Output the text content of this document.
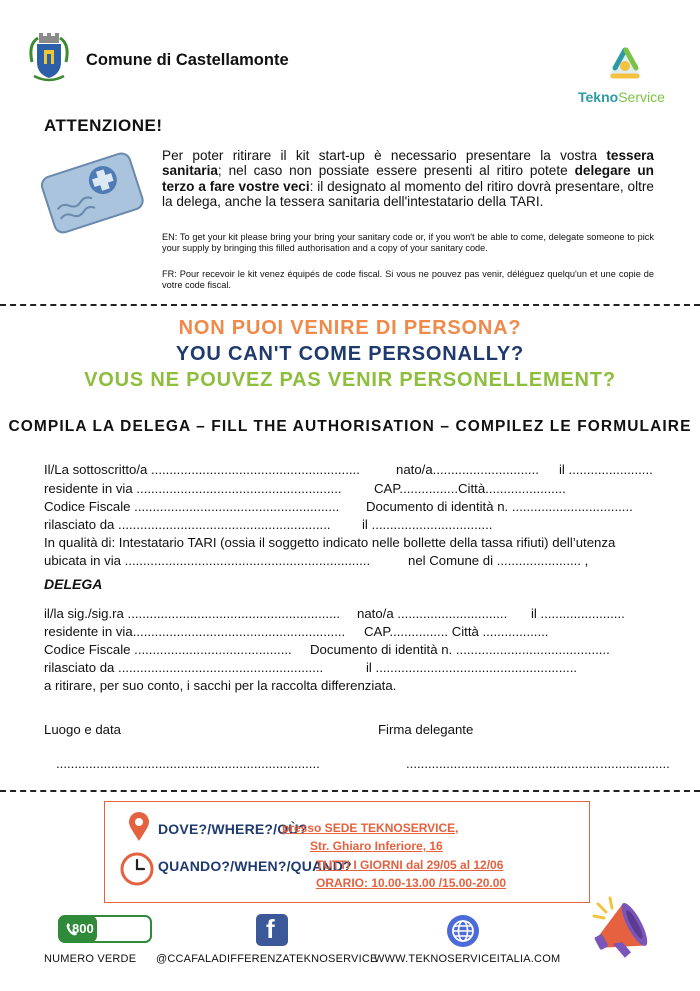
Comune di Castellamonte
TeknoService
ATTENZIONE!
Per poter ritirare il kit start-up è necessario presentare la vostra tessera sanitaria; nel caso non possiate essere presenti al ritiro potete delegare un terzo a fare vostre veci: il designato al momento del ritiro dovrà presentare, oltre la delega, anche la tessera sanitaria dell'intestatario della TARI.
EN: To get your kit please bring your bring your sanitary code or, if you won't be able to come, delegate someone to pick your supply by bringing this filled authorisation and a copy of your sanitary code.
FR: Pour recevoir le kit venez équipés de code fiscal. Si vous ne pouvez pas venir, déléguez quelqu'un et une copie de votre code fiscal.
NON PUOI VENIRE DI PERSONA?
YOU CAN'T COME PERSONALLY?
VOUS NE POUVEZ PAS VENIR PERSONELLEMENT?
COMPILA LA DELEGA – FILL THE AUTHORISATION – COMPILEZ LE FORMULAIRE
Il/La sottoscritto/a .........................................................	nato/a............................. il .......................
residente in via ........................................................ CAP................Città......................
Codice Fiscale ........................................................ Documento di identità n. .................................
rilasciato da .......................................................... il .................................
In qualità di: Intestatario TARI (ossia il soggetto indicato nelle bollette della tassa rifiuti) dell’utenza
ubicata in via ...................................................................	nel Comune di ....................... ,
DELEGA
il/la sig./sig.ra .......................................................... nato/a .............................. il .......................
residente in via.......................................................... CAP................ Città ..................
Codice Fiscale ........................................... Documento di identità n. ..........................................
rilasciato da ........................................................	il .......................................................
a ritirare, per suo conto, i sacchi per la raccolta differenziata.
Luogo e data	Firma delegante
........................................................................	........................................................................
DOVE?/WHERE?/OÙ?
presso SEDE TEKNOSERVICE,
Str. Ghiaro Inferiore, 16
QUANDO?/WHEN?/QUAND?
TUTTI I GIORNI dal 29/05 al 12/06
ORARIO: 10.00-13.00 /15.00-20.00
800 079 960	f
NUMERO VERDE @CCAFALADIFFERENZATEKNOSERVICE
WWW.TEKNOSERVICEITALIA.COM
